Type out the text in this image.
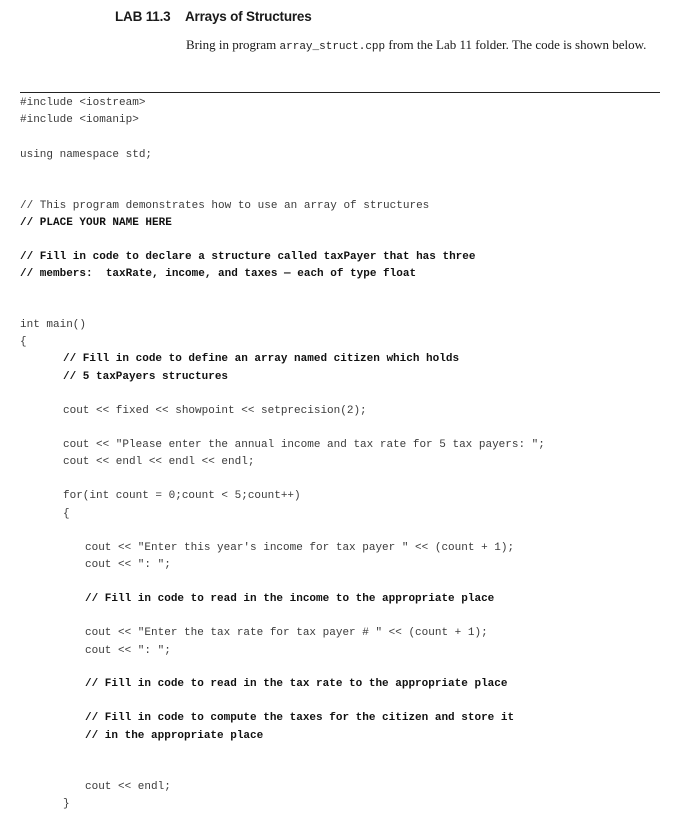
LAB 11.3 Arrays of Structures
Bring in program array_struct.cpp from the Lab 11 folder. The code is shown below.
#include <iostream>
#include <iomanip>
using namespace std;
// This program demonstrates how to use an array of structures
// PLACE YOUR NAME HERE
// Fill in code to declare a structure called taxPayer that has three
// members:  taxRate, income, and taxes — each of type float
int main()
{
// Fill in code to define an array named citizen which holds
// 5 taxPayers structures
cout << fixed << showpoint << setprecision(2);
cout << "Please enter the annual income and tax rate for 5 tax payers: ";
cout << endl << endl << endl;
for(int count = 0;count < 5;count++)
{
cout << "Enter this year's income for tax payer " << (count + 1);
cout << ": ";
// Fill in code to read in the income to the appropriate place
cout << "Enter the tax rate for tax payer # " << (count + 1);
cout << ": ";
// Fill in code to read in the tax rate to the appropriate place
// Fill in code to compute the taxes for the citizen and store it
// in the appropriate place
cout << endl;
}
